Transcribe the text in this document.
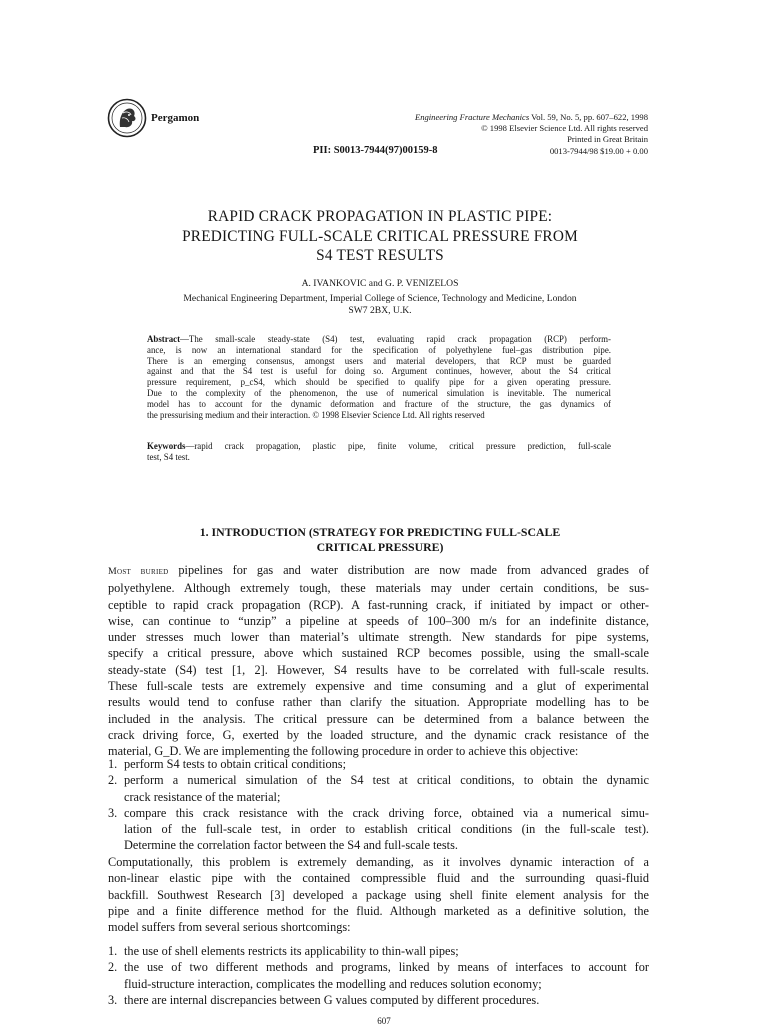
Pergamon	Engineering Fracture Mechanics Vol. 59, No. 5, pp. 607–622, 1998
© 1998 Elsevier Science Ltd. All rights reserved
Printed in Great Britain
0013-7944/98 $19.00 + 0.00
PII: S0013-7944(97)00159-8
RAPID CRACK PROPAGATION IN PLASTIC PIPE:
PREDICTING FULL-SCALE CRITICAL PRESSURE FROM
S4 TEST RESULTS
A. IVANKOVIC and G. P. VENIZELOS
Mechanical Engineering Department, Imperial College of Science, Technology and Medicine, London
SW7 2BX, U.K.
Abstract—The small-scale steady-state (S4) test, evaluating rapid crack propagation (RCP) perform-
ance, is now an international standard for the specification of polyethylene fuel–gas distribution pipe.
There is an emerging consensus, amongst users and material developers, that RCP must be guarded
against and that the S4 test is useful for doing so. Argument continues, however, about the S4 critical
pressure requirement, p_cS4, which should be specified to qualify pipe for a given operating pressure.
Due to the complexity of the phenomenon, the use of numerical simulation is inevitable. The numerical
model has to account for the dynamic deformation and fracture of the structure, the gas dynamics of
the pressurising medium and their interaction. © 1998 Elsevier Science Ltd. All rights reserved
Keywords—rapid crack propagation, plastic pipe, finite volume, critical pressure prediction, full-scale
test, S4 test.
1. INTRODUCTION (STRATEGY FOR PREDICTING FULL-SCALE
CRITICAL PRESSURE)
Most buried pipelines for gas and water distribution are now made from advanced grades of
polyethylene. Although extremely tough, these materials may under certain conditions, be sus-
ceptible to rapid crack propagation (RCP). A fast-running crack, if initiated by impact or other-
wise, can continue to “unzip” a pipeline at speeds of 100–300 m/s for an indefinite distance,
under stresses much lower than material’s ultimate strength. New standards for pipe systems,
specify a critical pressure, above which sustained RCP becomes possible, using the small-scale
steady-state (S4) test [1, 2]. However, S4 results have to be correlated with full-scale results.
These full-scale tests are extremely expensive and time consuming and a glut of experimental
results would tend to confuse rather than clarify the situation. Appropriate modelling has to be
included in the analysis. The critical pressure can be determined from a balance between the
crack driving force, G, exerted by the loaded structure, and the dynamic crack resistance of the
material, G_D. We are implementing the following procedure in order to achieve this objective:
1. perform S4 tests to obtain critical conditions;
2. perform a numerical simulation of the S4 test at critical conditions, to obtain the dynamic
crack resistance of the material;
3. compare this crack resistance with the crack driving force, obtained via a numerical simu-
lation of the full-scale test, in order to establish critical conditions (in the full-scale test).
Determine the correlation factor between the S4 and full-scale tests.
Computationally, this problem is extremely demanding, as it involves dynamic interaction of a
non-linear elastic pipe with the contained compressible fluid and the surrounding quasi-fluid
backfill. Southwest Research [3] developed a package using shell finite element analysis for the
pipe and a finite difference method for the fluid. Although marketed as a definitive solution, the
model suffers from several serious shortcomings:
1. the use of shell elements restricts its applicability to thin-wall pipes;
2. the use of two different methods and programs, linked by means of interfaces to account for
fluid-structure interaction, complicates the modelling and reduces solution economy;
3. there are internal discrepancies between G values computed by different procedures.
607
